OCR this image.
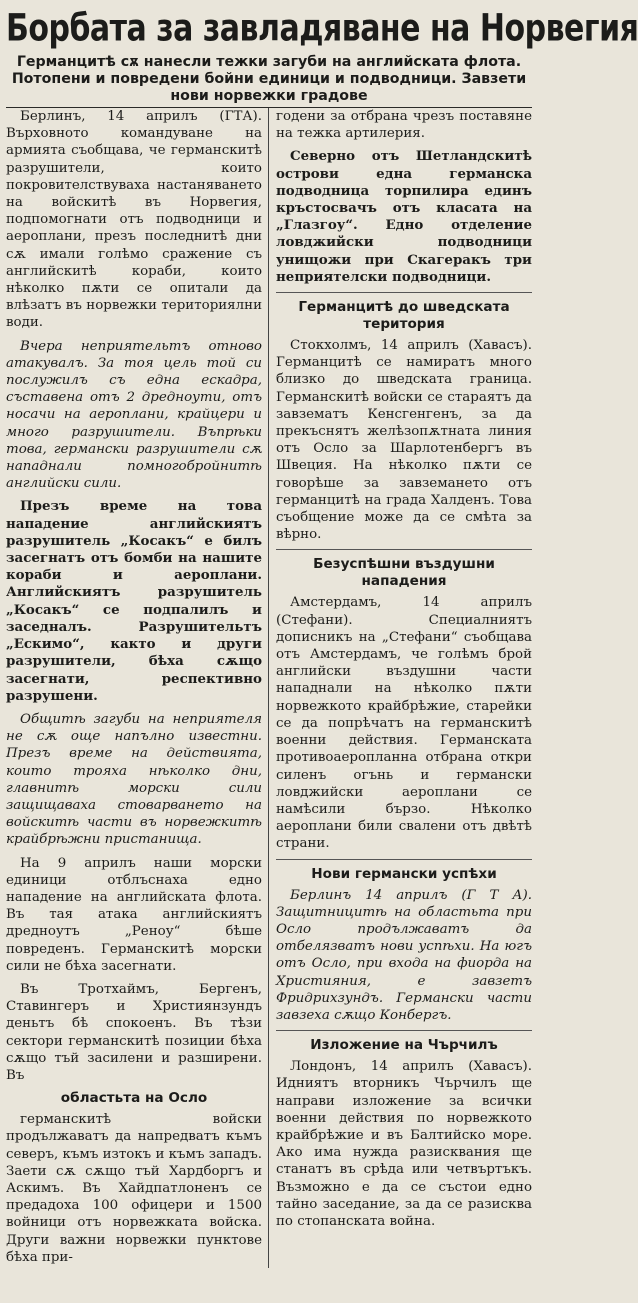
Борбата за завладяване на Норвегия
Германцитѣ сѫ нанесли тежки загуби на английската флота. Потопени и повредени бойни единици и подводници. Завзети нови норвежки градове

Берлинъ, 14 априлъ (ГТА). Върховното командуване на армията съобщава, че германскитѣ разрушители, които покровителствуваха настаняването на войскитѣ въ Норвегия, подпомогнати отъ подводници и аероплани, презъ последнитѣ дни сѫ имали голѣмо сражение съ английскитѣ кораби, които нѣколко пѫти се опитали да влѣзатъ въ норвежки териториялни води.

Вчера неприятельтъ отново атакувалъ. За тоя цель той си послужилъ съ една ескадра, съставена отъ 2 дредноути, отъ носачи на аероплани, крайцери и много разрушители. Въпрѣки това, германски разрушители сѫ нападнали помногобройнитѣ английски сили.

Презъ време на това нападение английскиятъ разрушитель „Косакъ“ е билъ засегнатъ отъ бомби на нашите кораби и аероплани. Английскиятъ разрушитель „Косакъ“ се подпалилъ и заседналъ. Разрушительтъ „Ескимо“, както и други разрушители, бѣха сѫщо засегнати, респективно разрушени.

Общитѣ загуби на неприятеля не сѫ още напълно известни. Презъ време на действията, които трояха нѣколко дни, главнитѣ морски сили защищаваха стоварването на войскитѣ части въ норвежкитѣ крайбрѣжни пристанища.

На 9 априлъ наши морски единици отблъснаха едно нападение на английската флота. Въ тая атака английскиятъ дредноутъ „Реноу“ бѣше повреденъ. Германскитѣ морски сили не бѣха засегнати.

Въ Тротхаймъ, Бергенъ, Ставингеръ и Християнзундъ деньтъ бѣ спокоенъ. Въ тѣзи сектори германскитѣ позиции бѣха сѫщо тъй засилени и разширени. Въ

областьта на Осло

германскитѣ войски продължаватъ да напредватъ къмъ северъ, къмъ изтокъ и къмъ западъ. Заети сѫ сѫщо тъй Хардборгъ и Аскимъ. Въ Хайдпатлоненъ се предадоха 100 офицери и 1500 войници отъ норвежката войска. Други важни норвежки пунктове бѣха при-

годени за отбрана чрезъ поставяне на тежка артилерия.

Северно отъ Шетландскитѣ острови една германска подводница торпилира единъ кръстосвачъ отъ класата на „Глазгоу“. Едно отделение ловджийски подводници унищожи при Скагеракъ три неприятелски подводници.

Германцитѣ до шведската територия

Стокхолмъ, 14 априлъ (Хавасъ). Германцитѣ се намиратъ много близко до шведската граница. Германскитѣ войски се стараятъ да завзематъ Кенсгенгенъ, за да прекъснятъ желѣзопѫтната линия отъ Осло за Шарлотенбергъ въ Швеция. На нѣколко пѫти се говорѣше за завземането отъ германцитѣ на града Халденъ. Това съобщение може да се смѣта за вѣрно.

Безуспѣшни въздушни нападения

Амстердамъ, 14 априлъ (Стефани). Специалниятъ дописникъ на „Стефани“ съобщава отъ Амстердамъ, че голѣмъ брой английски въздушни части нападнали на нѣколко пѫти норвежкото крайбрѣжие, старейки се да попрѣчатъ на германскитѣ военни действия. Германската противоаеропланна отбрана откри силенъ огънь и германски ловджийски аероплани се намѣсили бързо. Нѣколко аероплани били свалени отъ двѣтѣ страни.

Нови германски успѣхи

Берлинъ 14 априлъ (Г Т А). Защитницитѣ на областьта при Осло продължаватъ да отбелязватъ нови успѣхи. На югъ отъ Осло, при входа на фиорда на Християния, е завзетъ Фридрихзундъ. Германски части завзеха сѫщо Конбергъ.

Изложение на Чърчилъ

Лондонъ, 14 априлъ (Хавасъ). Идниятъ вторникъ Чърчилъ ще направи изложение за всички военни действия по норвежкото крайбрѣжие и въ Балтийско море. Ако има нужда разисквания ще станатъ въ срѣда или четвъртъкъ. Възможно е да се състои едно тайно заседание, за да се разисква по стопанската война.
